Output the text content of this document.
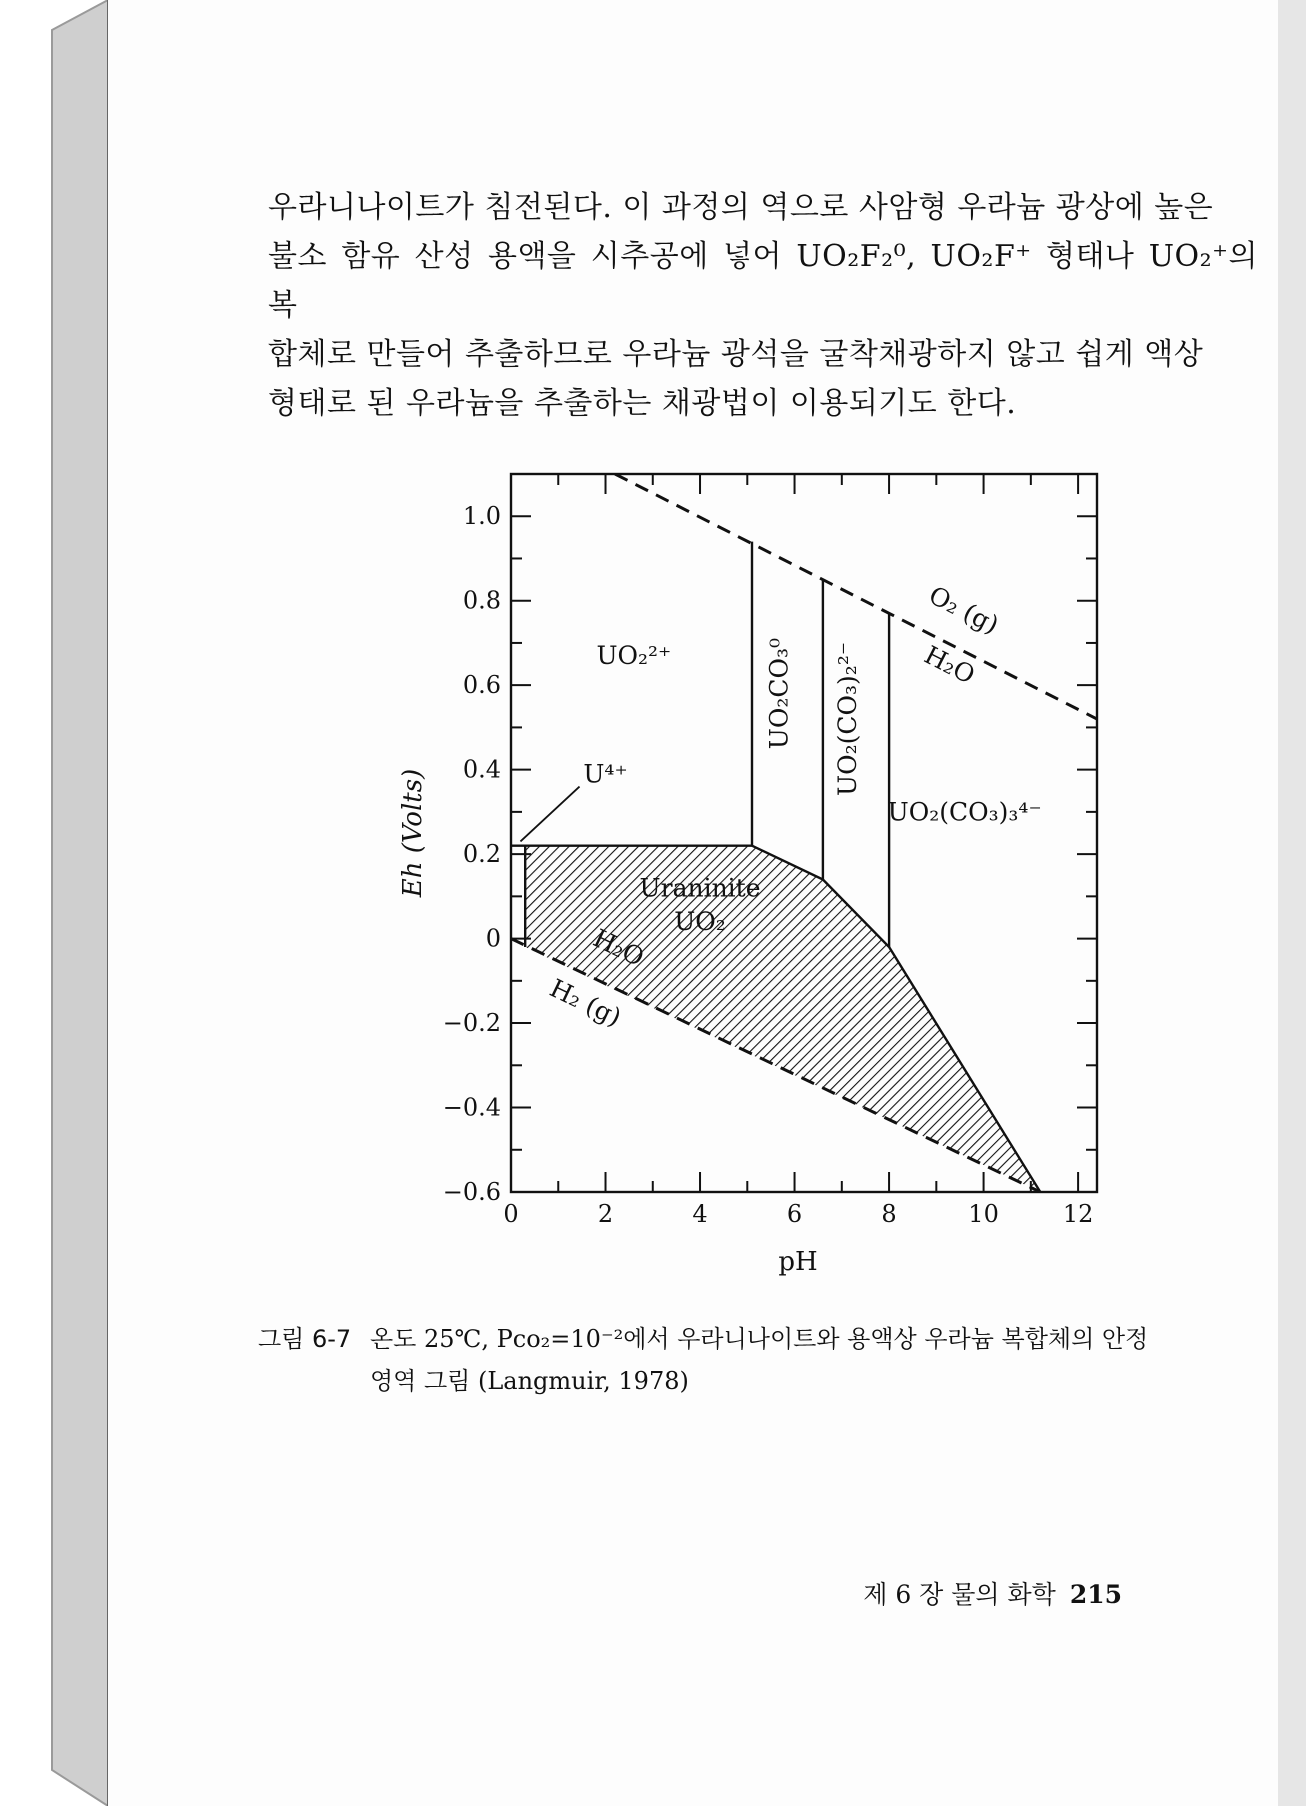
우라니나이트가 침전된다. 이 과정의 역으로 사암형 우라늄 광상에 높은
불소 함유 산성 용액을 시추공에 넣어 UO₂F₂⁰, UO₂F⁺ 형태나 UO₂⁺의 복
합체로 만들어 추출하므로 우라늄 광석을 굴착채광하지 않고 쉽게 액상
형태로 된 우라늄을 추출하는 채광법이 이용되기도 한다.

0	2	4	6	8	10	12
1.0
0.8
0.6
0.4
0.2
0
−0.2
−0.4
−0.6
pH
Eh (Volts)
UO₂²⁺
U⁴⁺
UO₂CO₃⁰ UO₂(CO₃)₂²⁻
UO₂(CO₃)₃⁴⁻
Uraninite
UO₂
O₂ (g)
H₂O
H₂O
H₂ (g)
그림 6-7 온도 25℃, Pco₂=10⁻²에서 우라니나이트와 용액상 우라늄 복합체의 안정
영역 그림 (Langmuir, 1978)
제 6 장 물의 화학 215
